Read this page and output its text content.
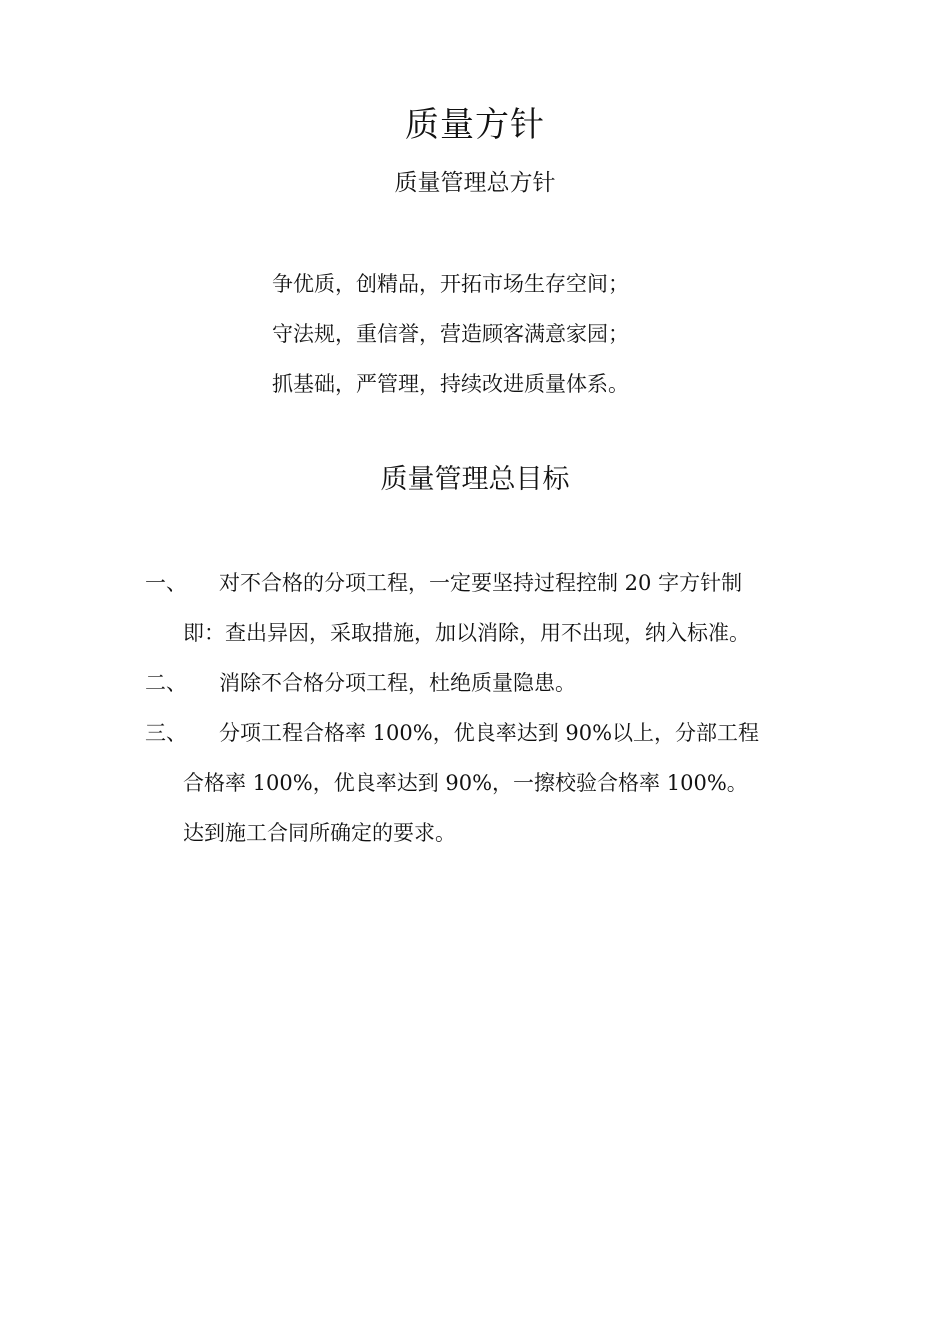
质量方针
质量管理总方针
争优质，创精品，开拓市场生存空间；
守法规，重信誉，营造顾客满意家园；
抓基础，严管理，持续改进质量体系。
质量管理总目标
一、 对不合格的分项工程，一定要坚持过程控制 20 字方针制
即：查出异因，采取措施，加以消除，用不出现，纳入标准。
二、 消除不合格分项工程，杜绝质量隐患。
三、 分项工程合格率 100%，优良率达到 90%以上，分部工程
合格率 100%，优良率达到 90%，一擦校验合格率 100%。
达到施工合同所确定的要求。
